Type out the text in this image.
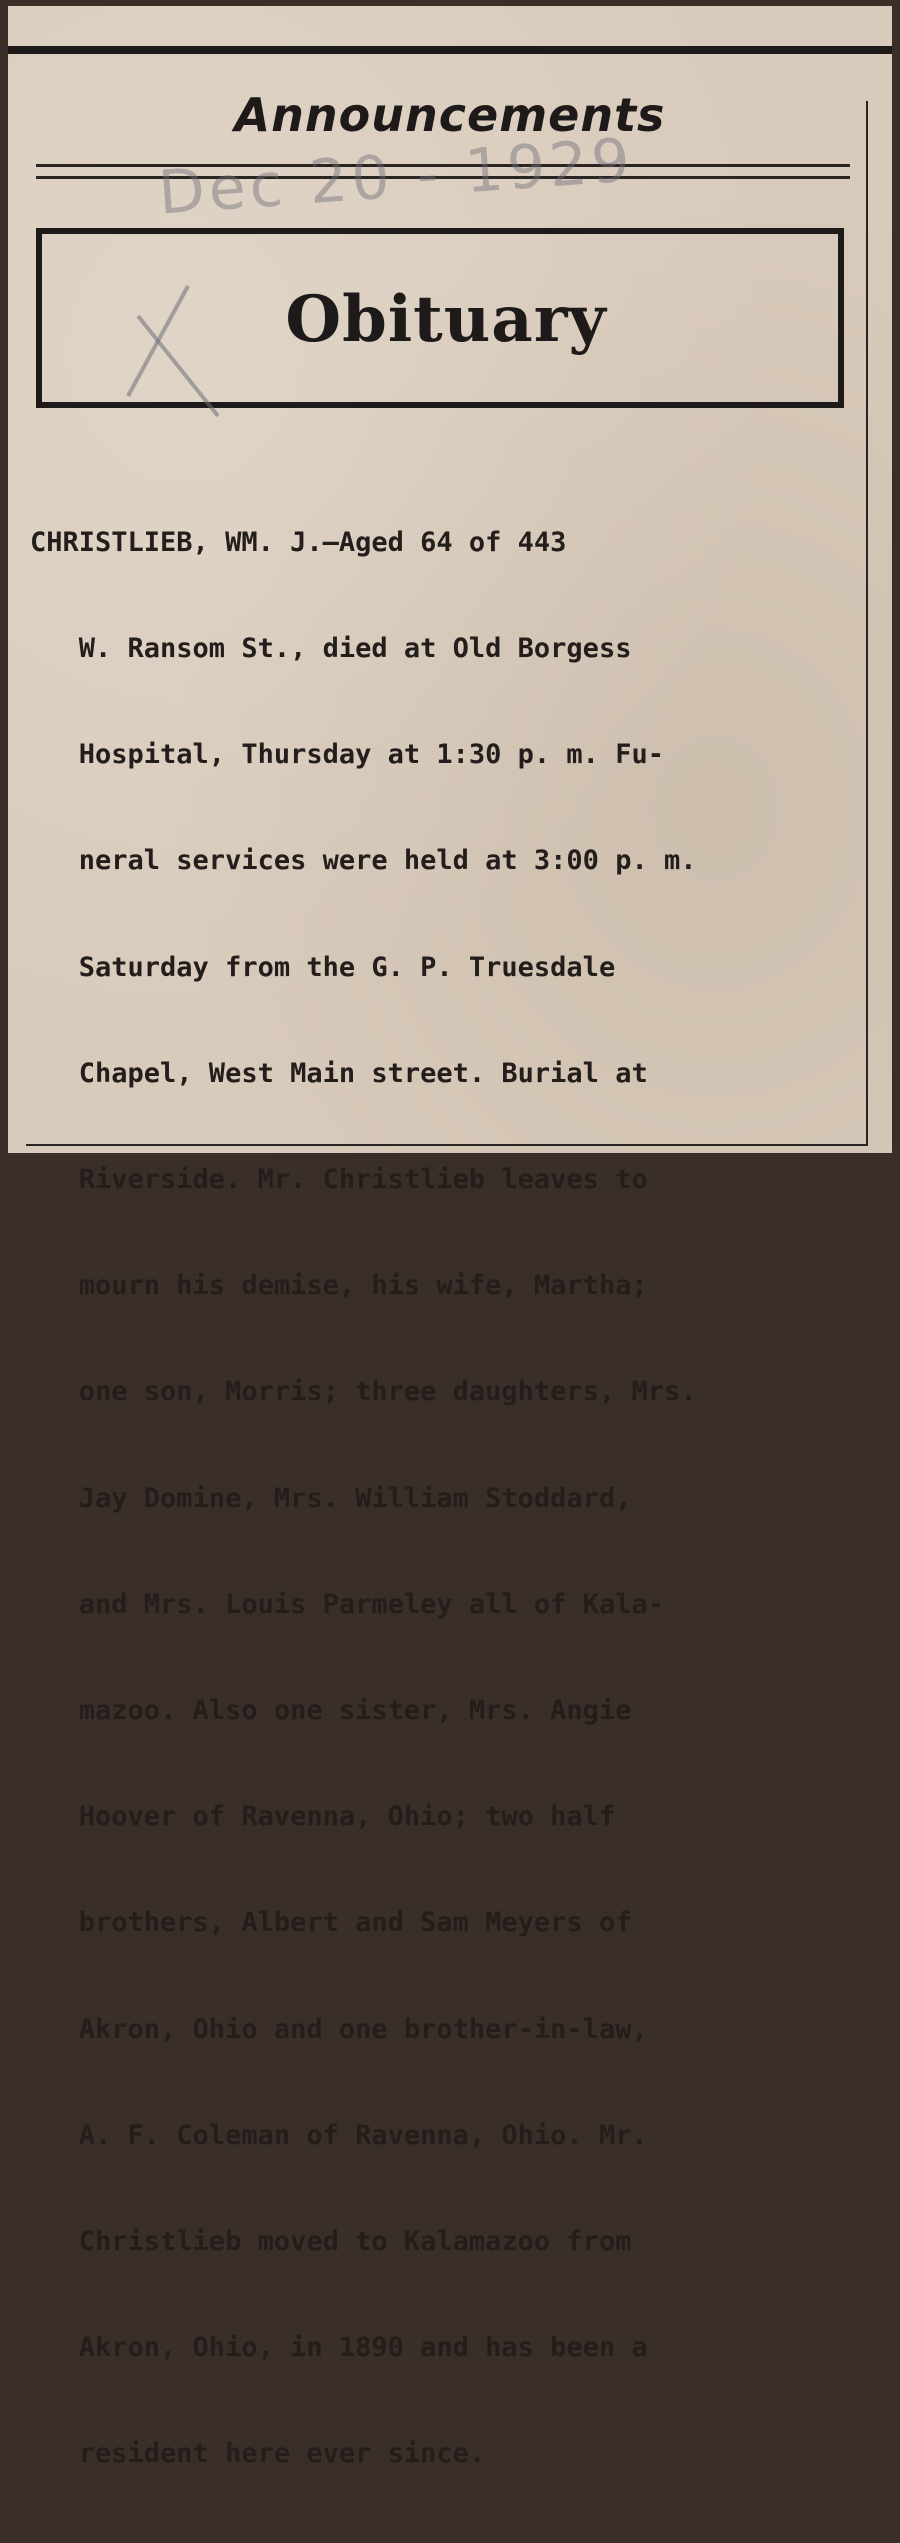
Announcements
Dec 20 - 1929
Obituary

CHRISTLIEB, WM. J.—Aged 64 of 443

W. Ransom St., died at Old Borgess

Hospital, Thursday at 1:30 p. m. Fu-

neral services were held at 3:00 p. m.

Saturday from the G. P. Truesdale

Chapel, West Main street. Burial at

Riverside. Mr. Christlieb leaves to

mourn his demise, his wife, Martha;

one son, Morris; three daughters, Mrs.

Jay Domine, Mrs. William Stoddard,

and Mrs. Louis Parmeley all of Kala-

mazoo. Also one sister, Mrs. Angie

Hoover of Ravenna, Ohio; two half

brothers, Albert and Sam Meyers of

Akron, Ohio and one brother-in-law,

A. F. Coleman of Ravenna, Ohio. Mr.

Christlieb moved to Kalamazoo from

Akron, Ohio, in 1890 and has been a

resident here ever since.
